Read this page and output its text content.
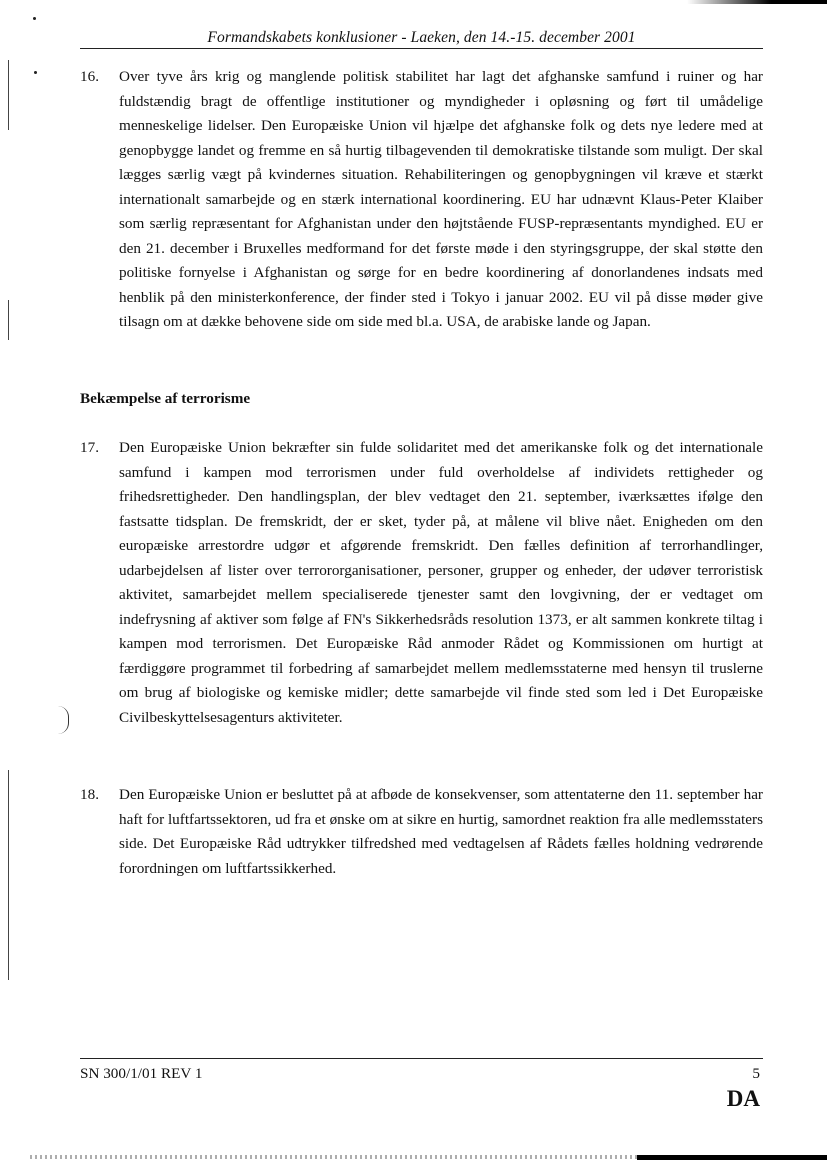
Formandskabets konklusioner - Laeken, den 14.-15. december 2001
16. Over tyve års krig og manglende politisk stabilitet har lagt det afghanske samfund i ruiner og har fuldstændig bragt de offentlige institutioner og myndigheder i opløsning og ført til umådelige menneskelige lidelser. Den Europæiske Union vil hjælpe det afghanske folk og dets nye ledere med at genopbygge landet og fremme en så hurtig tilbagevenden til demokratiske tilstande som muligt. Der skal lægges særlig vægt på kvindernes situation. Rehabiliteringen og genopbygningen vil kræve et stærkt internationalt samarbejde og en stærk international koordinering. EU har udnævnt Klaus-Peter Klaiber som særlig repræsentant for Afghanistan under den højtstående FUSP-repræsentants myndighed. EU er den 21. december i Bruxelles medformand for det første møde i den styringsgruppe, der skal støtte den politiske fornyelse i Afghanistan og sørge for en bedre koordinering af donorlandenes indsats med henblik på den ministerkonference, der finder sted i Tokyo i januar 2002. EU vil på disse møder give tilsagn om at dække behovene side om side med bl.a. USA, de arabiske lande og Japan.
Bekæmpelse af terrorisme
17. Den Europæiske Union bekræfter sin fulde solidaritet med det amerikanske folk og det internationale samfund i kampen mod terrorismen under fuld overholdelse af individets rettigheder og frihedsrettigheder. Den handlingsplan, der blev vedtaget den 21. september, iværksættes ifølge den fastsatte tidsplan. De fremskridt, der er sket, tyder på, at målene vil blive nået. Enigheden om den europæiske arrestordre udgør et afgørende fremskridt. Den fælles definition af terrorhandlinger, udarbejdelsen af lister over terrororganisationer, personer, grupper og enheder, der udøver terroristisk aktivitet, samarbejdet mellem specialiserede tjenester samt den lovgivning, der er vedtaget om indefrysning af aktiver som følge af FN's Sikkerhedsråds resolution 1373, er alt sammen konkrete tiltag i kampen mod terrorismen. Det Europæiske Råd anmoder Rådet og Kommissionen om hurtigt at færdiggøre programmet til forbedring af samarbejdet mellem medlemsstaterne med hensyn til truslerne om brug af biologiske og kemiske midler; dette samarbejde vil finde sted som led i Det Europæiske Civilbeskyttelsesagenturs aktiviteter.
18. Den Europæiske Union er besluttet på at afbøde de konsekvenser, som attentaterne den 11. september har haft for luftfartssektoren, ud fra et ønske om at sikre en hurtig, samordnet reaktion fra alle medlemsstaters side. Det Europæiske Råd udtrykker tilfredshed med vedtagelsen af Rådets fælles holdning vedrørende forordningen om luftfartssikkerhed.
SN 300/1/01 REV 1	5
DA
